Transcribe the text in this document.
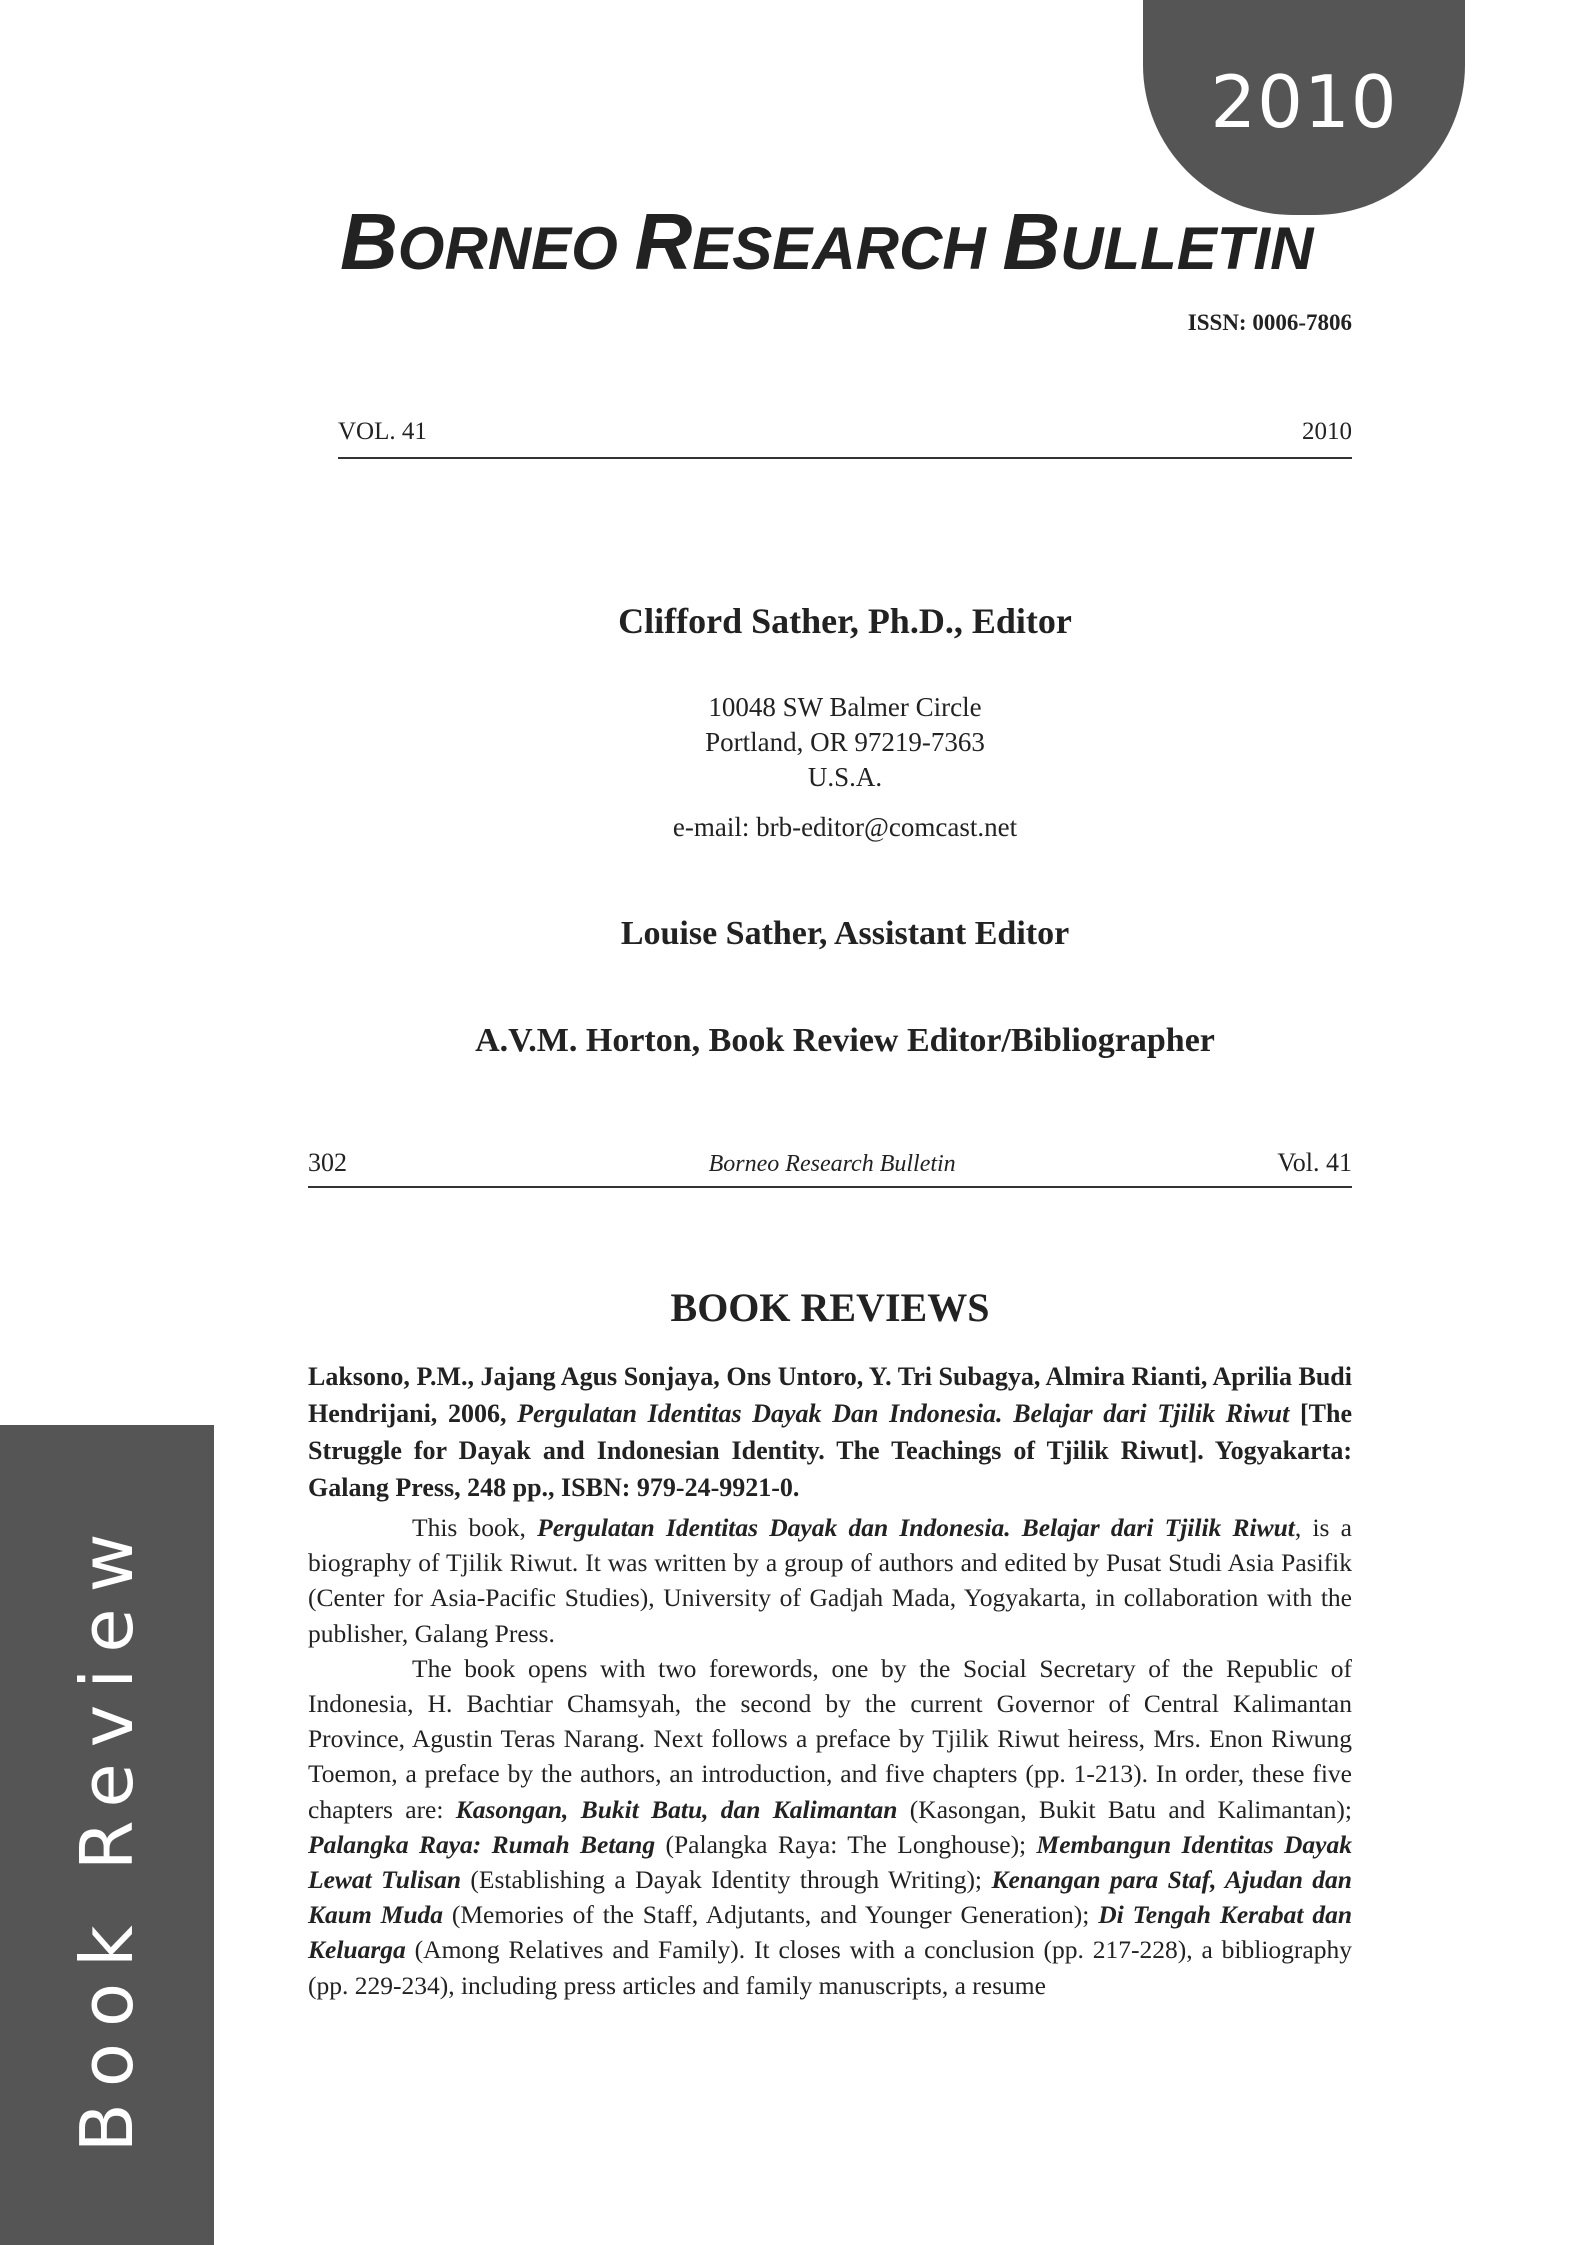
2010
Book Review
BORNEO RESEARCH BULLETIN
ISSN: 0006-7806
VOL. 41	2010
Clifford Sather, Ph.D., Editor
10048 SW Balmer Circle
Portland, OR 97219-7363
U.S.A.
e-mail: brb-editor@comcast.net
Louise Sather, Assistant Editor
A.V.M. Horton, Book Review Editor/Bibliographer
302	Borneo Research Bulletin	Vol. 41
BOOK REVIEWS
Laksono, P.M., Jajang Agus Sonjaya, Ons Untoro, Y. Tri Subagya, Almira Rianti, Aprilia Budi Hendrijani, 2006, Pergulatan Identitas Dayak Dan Indonesia. Belajar dari Tjilik Riwut [The Struggle for Dayak and Indonesian Identity. The Teachings of Tjilik Riwut]. Yogyakarta: Galang Press, 248 pp., ISBN: 979-24-9921-0.

This book, Pergulatan Identitas Dayak dan Indonesia. Belajar dari Tjilik Riwut, is a biography of Tjilik Riwut. It was written by a group of authors and edited by Pusat Studi Asia Pasifik (Center for Asia-Pacific Studies), University of Gadjah Mada, Yogyakarta, in collaboration with the publisher, Galang Press.

The book opens with two forewords, one by the Social Secretary of the Republic of Indonesia, H. Bachtiar Chamsyah, the second by the current Governor of Central Kalimantan Province, Agustin Teras Narang. Next follows a preface by Tjilik Riwut heiress, Mrs. Enon Riwung Toemon, a preface by the authors, an introduction, and five chapters (pp. 1-213). In order, these five chapters are: Kasongan, Bukit Batu, dan Kalimantan (Kasongan, Bukit Batu and Kalimantan); Palangka Raya: Rumah Betang (Palangka Raya: The Longhouse); Membangun Identitas Dayak Lewat Tulisan (Establishing a Dayak Identity through Writing); Kenangan para Staf, Ajudan dan Kaum Muda (Memories of the Staff, Adjutants, and Younger Generation); Di Tengah Kerabat dan Keluarga (Among Relatives and Family). It closes with a conclusion (pp. 217-228), a bibliography (pp. 229-234), including press articles and family manuscripts, a resume
